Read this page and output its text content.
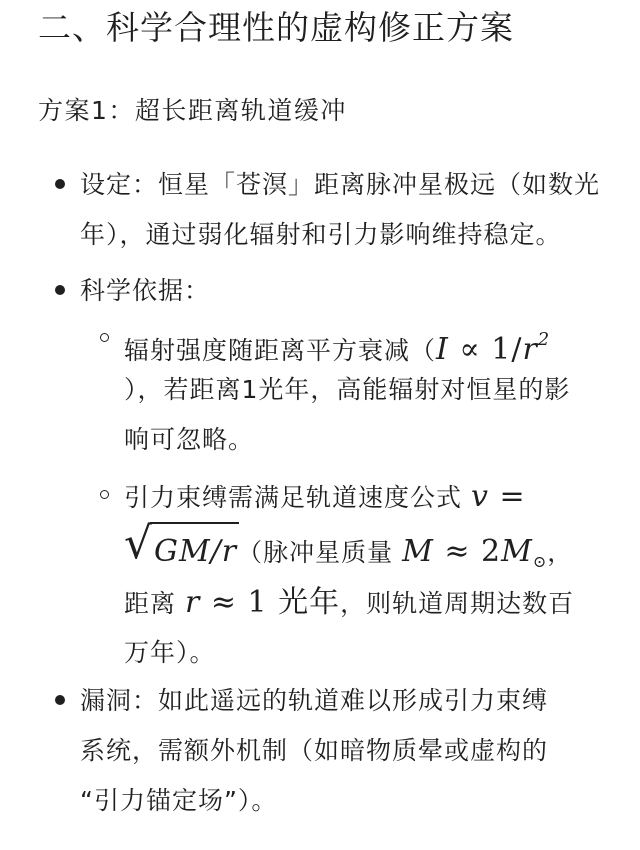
二、科学合理性的虚构修正方案
方案1：超长距离轨道缓冲
设定：恒星「苍溟」距离脉冲星极远（如数光
年），通过弱化辐射和引力影响维持稳定。
科学依据：
辐射强度随距离平方衰减（$I \propto 1/r^2$
），若距离1光年，高能辐射对恒星的影
响可忽略。
引力束缚需满足轨道速度公式 v =
√ GM/r（脉冲星质量 $M \approx 2M_⊙$，
距离 r ≈ 1 光年，则轨道周期达数百
万年）。
漏洞：如此遥远的轨道难以形成引力束缚
系统，需额外机制（如暗物质晕或虚构的
“引力锚定场”）。
